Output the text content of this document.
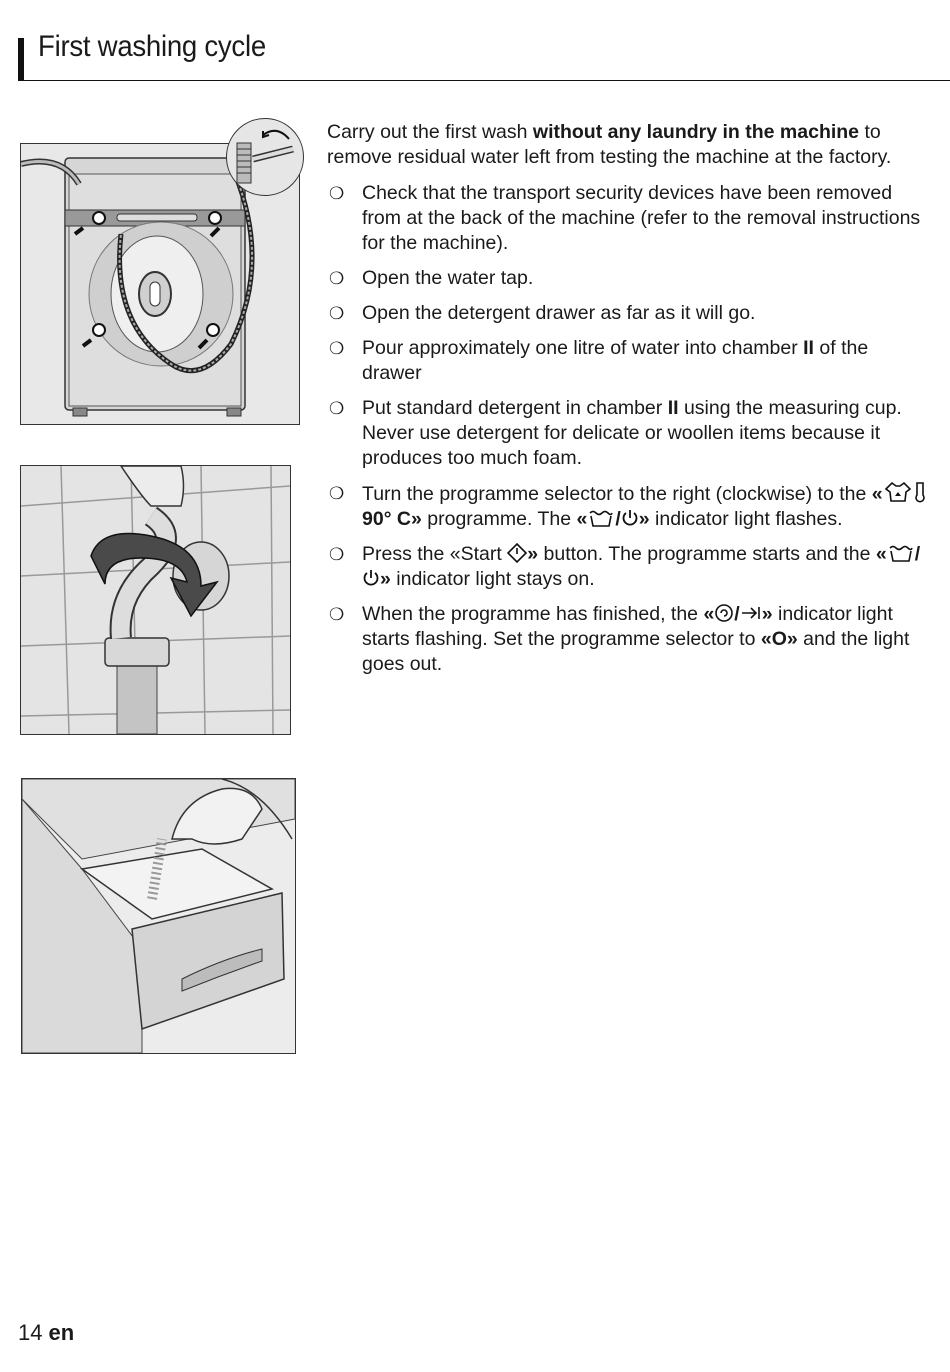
First washing cycle

Carry out the first wash without any laundry in the machine to remove residual water left from testing the machine at the factory.

❍ Check that the transport security devices have been removed from at the back of the machine (refer to the removal instructions for the machine).
❍ Open the water tap.
❍ Open the detergent drawer as far as it will go.
❍ Pour approximately one litre of water into chamber II of the drawer
❍ Put standard detergent in chamber II using the measuring cup. Never use detergent for delicate or woollen items because it produces too much foam.
❍ Turn the programme selector to the right (clockwise) to the « 90° C» programme. The « / » indicator light flashes.
❍ Press the «Start » button. The programme starts and the « /» indicator light stays on.
❍ When the programme has finished, the « / » indicator light starts flashing. Set the programme selector to «O» and the light goes out.
14 en
